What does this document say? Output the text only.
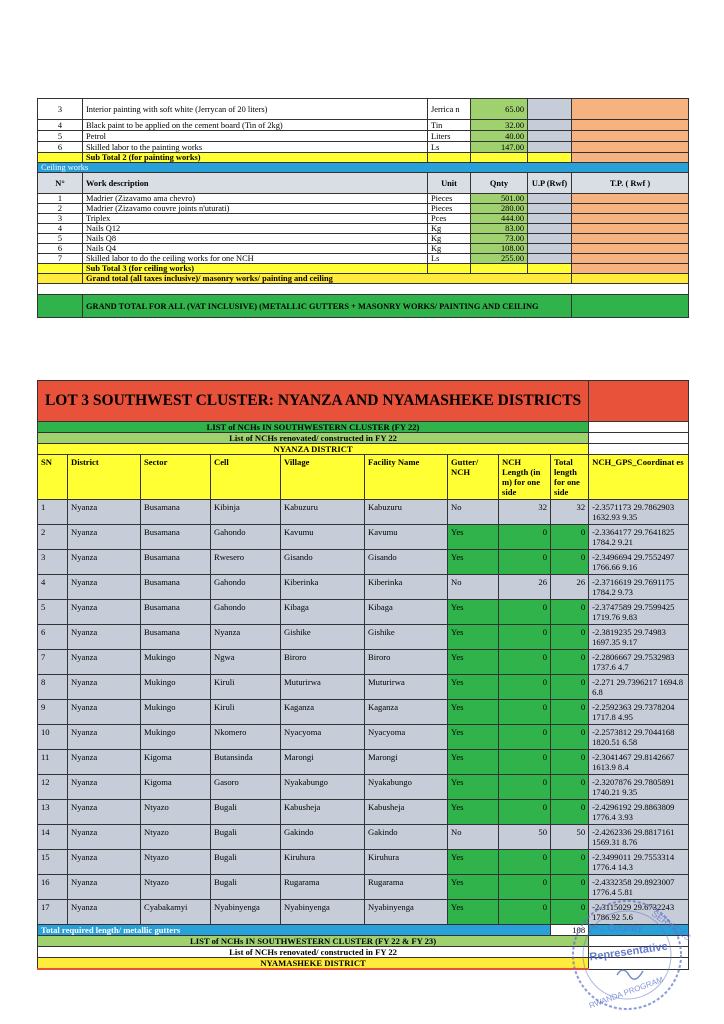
3	Interior painting with soft white (Jerrycan of 20 liters)	Jerrica n	65.00		
4	Black paint to be applied on the cement board (Tin of 2kg)	Tin	32.00		
5	Petrol	Liters	40.00		
6	Skilled labor to the painting works	Ls	147.00		
	Sub Total 2 (for painting works)				
Ceiling works					
N°	Work description	Unit	Qnty	U.P (Rwf)	T.P. ( Rwf )
1	Madrier (Zizavamo ama chevro)	Pieces	501.00		
2	Madrier (Zizavamo couvre joints n'uturati)	Pieces	280.00		
3	Triplex	Pces	444.00		
4	Nails Q12	Kg	83.00		
5	Nails Q8	Kg	73.00		
6	Nails Q4	Kg	108.00		
7	Skilled labor to do the ceiling works for one NCH	Ls	255.00		
	Sub Total 3 (for ceiling works)				
	Grand total (all taxes inclusive)/ masonry works/ painting and ceiling				

	GRAND TOTAL FOR ALL (VAT INCLUSIVE) (METALLIC GUTTERS + MASONRY WORKS/ PAINTING AND CEILING				
LOT 3 SOUTHWEST CLUSTER: NYANZA AND NYAMASHEKE DISTRICTS									
LIST of NCHs IN SOUTHWESTERN CLUSTER (FY 22)									
List of NCHs renovated/ constructed in FY 22									
NYANZA DISTRICT									
SN	District	Sector	Cell	Village	Facility Name	Gutter/ NCH	NCH Length (in m) for one side	Total length for one side	NCH_GPS_Coordinat es
1	Nyanza	Busamana	Kibinja	Kabuzuru	Kabuzuru	No	32	32	-2.3571173 29.7862903 1632.93 9.35
2	Nyanza	Busamana	Gahondo	Kavumu	Kavumu	Yes	0	0	-2.3364177 29.7641825 1784.2 9.21
3	Nyanza	Busamana	Rwesero	Gisando	Gisando	Yes	0	0	-2.3496694 29.7552497 1766.66 9.16
4	Nyanza	Busamana	Gahondo	Kiberinka	Kiberinka	No	26	26	-2.3716619 29.7691175 1784.2 9.73
5	Nyanza	Busamana	Gahondo	Kibaga	Kibaga	Yes	0	0	-2.3747589 29.7599425 1719.76 9.83
6	Nyanza	Busamana	Nyanza	Gishike	Gishike	Yes	0	0	-2.3819235 29.74983 1697.35 9.17
7	Nyanza	Mukingo	Ngwa	Biroro	Biroro	Yes	0	0	-2.2806667 29.7532983 1737.6 4.7
8	Nyanza	Mukingo	Kiruli	Muturirwa	Muturirwa	Yes	0	0	-2.271 29.7396217 1694.8 6.8
9	Nyanza	Mukingo	Kiruli	Kaganza	Kaganza	Yes	0	0	-2.2592363 29.7378204 1717.8 4.95
10	Nyanza	Mukingo	Nkomero	Nyacyoma	Nyacyoma	Yes	0	0	-2.2573812 29.7044168 1820.51 6.58
11	Nyanza	Kigoma	Butansinda	Marongi	Marongi	Yes	0	0	-2.3041467 29.8142667 1613.9 8.4
12	Nyanza	Kigoma	Gasoro	Nyakabungo	Nyakabungo	Yes	0	0	-2.3207876 29.7805891 1740.21 9.35
13	Nyanza	Ntyazo	Bugali	Kabusheja	Kabusheja	Yes	0	0	-2.4296192 29.8863809 1776.4 3.93
14	Nyanza	Ntyazo	Bugali	Gakindo	Gakindo	No	50	50	-2.4262336 29.8817161 1569.31 8.76
15	Nyanza	Ntyazo	Bugali	Kiruhura	Kiruhura	Yes	0	0	-2.3499011 29.7553314 1776.4 14.3
16	Nyanza	Ntyazo	Bugali	Rugarama	Rugarama	Yes	0	0	-2.4332358 29.8923007 1776.4 5.81
17	Nyanza	Cyabakamyi	Nyabinyenga	Nyabinyenga	Nyabinyenga	Yes	0	0	-2.3115029 29.6732243 1786.92 5.6
Total required length/ metallic gutters								108	
LIST of NCHs IN SOUTHWESTERN CLUSTER (FY 22 & FY 23)									
List of NCHs renovated/ constructed in FY 22									
NYAMASHEKE DISTRICT									
SERVICES
Country
Representative
RWANDA PROGRAM
